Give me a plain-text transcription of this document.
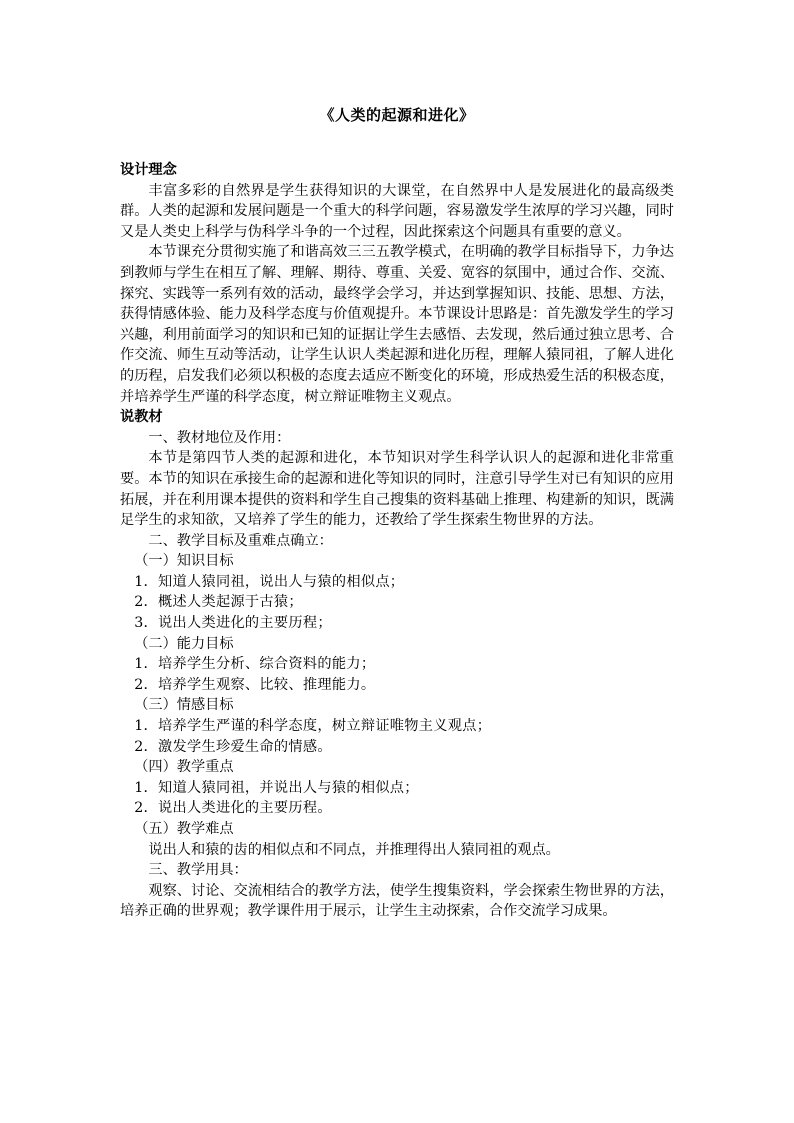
《人类的起源和进化》
设计理念
丰富多彩的自然界是学生获得知识的大课堂，在自然界中人是发展进化的最高级类群。人类的起源和发展问题是一个重大的科学问题，容易激发学生浓厚的学习兴趣，同时又是人类史上科学与伪科学斗争的一个过程，因此探索这个问题具有重要的意义。
本节课充分贯彻实施了和谐高效三三五教学模式，在明确的教学目标指导下，力争达到教师与学生在相互了解、理解、期待、尊重、关爱、宽容的氛围中，通过合作、交流、探究、实践等一系列有效的活动，最终学会学习，并达到掌握知识、技能、思想、方法，获得情感体验、能力及科学态度与价值观提升。本节课设计思路是：首先激发学生的学习兴趣，利用前面学习的知识和已知的证据让学生去感悟、去发现，然后通过独立思考、合作交流、师生互动等活动，让学生认识人类起源和进化历程，理解人猿同祖，了解人进化的历程，启发我们必须以积极的态度去适应不断变化的环境，形成热爱生活的积极态度，并培养学生严谨的科学态度，树立辩证唯物主义观点。
说教材
一、教材地位及作用：
本节是第四节人类的起源和进化，本节知识对学生科学认识人的起源和进化非常重要。本节的知识在承接生命的起源和进化等知识的同时，注意引导学生对已有知识的应用拓展，并在利用课本提供的资料和学生自己搜集的资料基础上推理、构建新的知识，既满足学生的求知欲，又培养了学生的能力，还教给了学生探索生物世界的方法。
二、教学目标及重难点确立：
（一）知识目标
1．知道人猿同祖，说出人与猿的相似点；
2．概述人类起源于古猿；
3．说出人类进化的主要历程；
（二）能力目标
1．培养学生分析、综合资料的能力；
2．培养学生观察、比较、推理能力。
（三）情感目标
1．培养学生严谨的科学态度，树立辩证唯物主义观点；
2．激发学生珍爱生命的情感。
（四）教学重点
1．知道人猿同祖，并说出人与猿的相似点；
2．说出人类进化的主要历程。
（五）教学难点
说出人和猿的齿的相似点和不同点，并推理得出人猿同祖的观点。
三、教学用具：
观察、讨论、交流相结合的教学方法，使学生搜集资料，学会探索生物世界的方法，培养正确的世界观；教学课件用于展示，让学生主动探索，合作交流学习成果。
